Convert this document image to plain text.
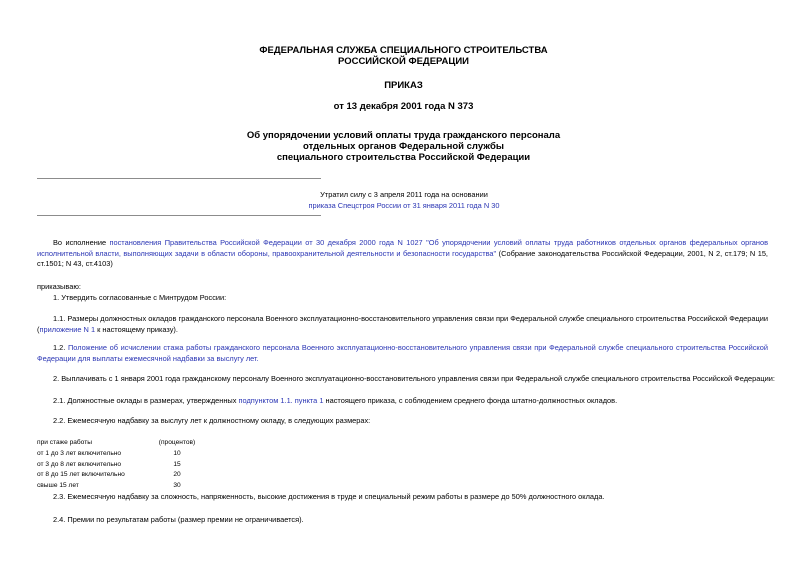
ФЕДЕРАЛЬНАЯ СЛУЖБА СПЕЦИАЛЬНОГО СТРОИТЕЛЬСТВА
РОССИЙСКОЙ ФЕДЕРАЦИИ
ПРИКАЗ
от 13 декабря 2001 года N 373
Об упорядочении условий оплаты труда гражданского персонала
отдельных органов Федеральной службы
специального строительства Российской Федерации
Утратил силу с 3 апреля 2011 года на основании
приказа Спецстроя России от 31 января 2011 года N 30
Во исполнение постановления Правительства Российской Федерации от 30 декабря 2000 года N 1027 "Об упорядочении условий оплаты труда работников отдельных органов федеральных органов исполнительной власти, выполняющих задачи в области обороны, правоохранительной деятельности и безопасности государства" (Собрание законодательства Российской Федерации, 2001, N 2, ст.179; N 15, ст.1501; N 43, ст.4103)
приказываю:
1. Утвердить согласованные с Минтрудом России:
1.1. Размеры должностных окладов гражданского персонала Военного эксплуатационно-восстановительного управления связи при Федеральной службе специального строительства Российской Федерации (приложение N 1 к настоящему приказу).
1.2. Положение об исчислении стажа работы гражданского персонала Военного эксплуатационно-восстановительного управления связи при Федеральной службе специального строительства Российской Федерации для выплаты ежемесячной надбавки за выслугу лет.
2. Выплачивать с 1 января 2001 года гражданскому персоналу Военного эксплуатационно-восстановительного управления связи при Федеральной службе специального строительства Российской Федерации:
2.1. Должностные оклады в размерах, утвержденных подпунктом 1.1. пункта 1 настоящего приказа, с соблюдением среднего фонда штатно-должностных окладов.
2.2. Ежемесячную надбавку за выслугу лет к должностному окладу, в следующих размерах:
при стаже работы	(процентов)
от 1 до 3 лет включительно	10
от 3 до 8 лет включительно	15
от 8 до 15 лет включительно	20
свыше 15 лет	30
2.3. Ежемесячную надбавку за сложность, напряженность, высокие достижения в труде и специальный режим работы в размере до 50% должностного оклада.
2.4. Премии по результатам работы (размер премии не ограничивается).
